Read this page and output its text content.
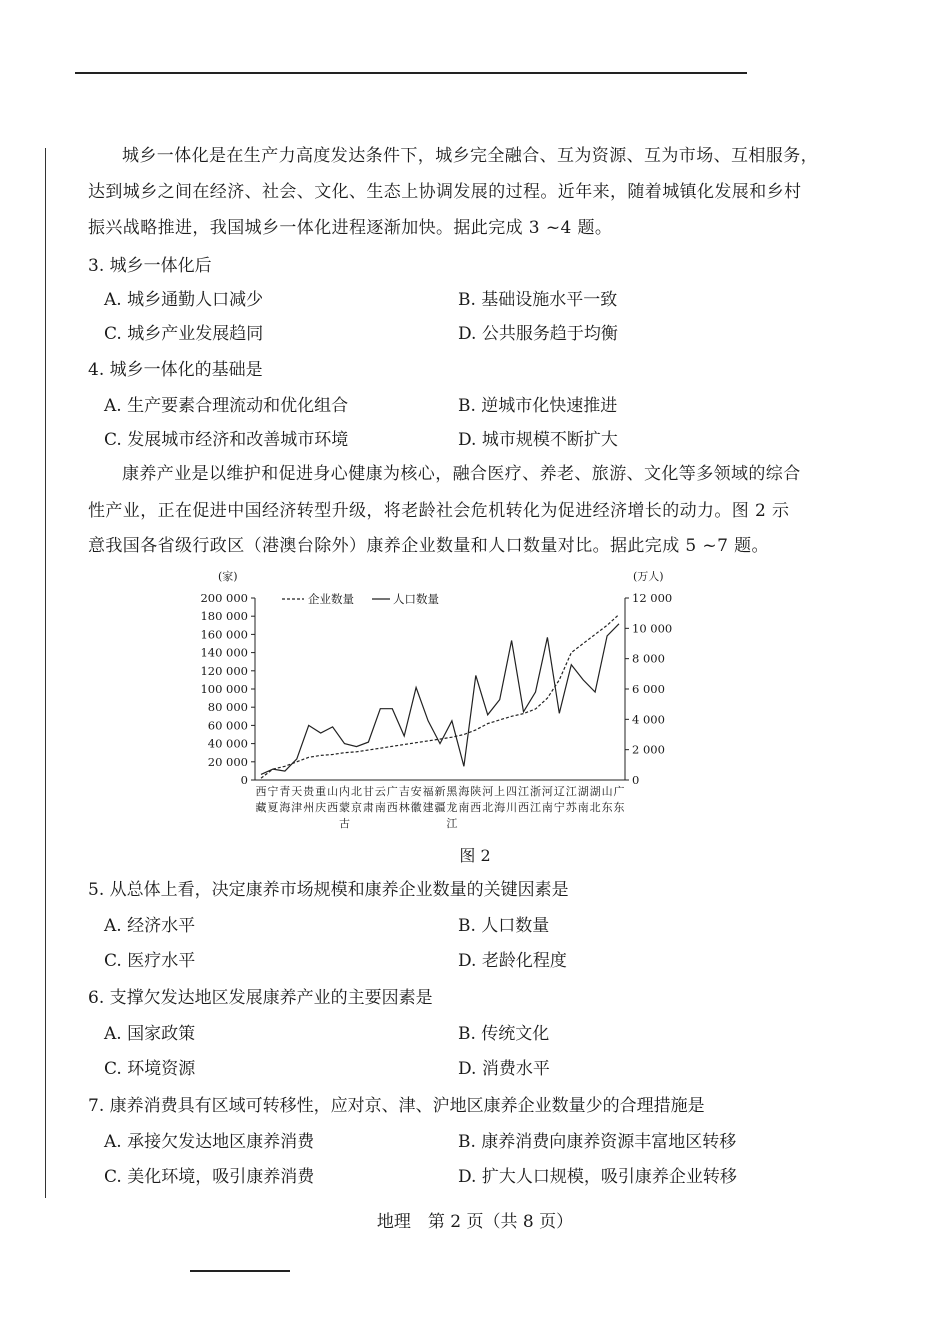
城乡一体化是在生产力高度发达条件下，城乡完全融合、互为资源、互为市场、互相服务，
达到城乡之间在经济、社会、文化、生态上协调发展的过程。近年来，随着城镇化发展和乡村
振兴战略推进，我国城乡一体化进程逐渐加快。据此完成 3 ~4 题。
3. 城乡一体化后
A. 城乡通勤人口减少	B. 基础设施水平一致
C. 城乡产业发展趋同	D. 公共服务趋于均衡
4. 城乡一体化的基础是
A. 生产要素合理流动和优化组合	B. 逆城市化快速推进
C. 发展城市经济和改善城市环境	D. 城市规模不断扩大
康养产业是以维护和促进身心健康为核心，融合医疗、养老、旅游、文化等多领域的综合
性产业，正在促进中国经济转型升级，将老龄社会危机转化为促进经济增长的动力。图 2 示
意我国各省级行政区（港澳台除外）康养企业数量和人口数量对比。据此完成 5 ~7 题。
(家)	(万人)
企业数量	人口数量
0
20 000
40 000
60 000
80 000
100 000
120 000
140 000
160 000
180 000
200 000
0
2 000
4 000
6 000
8 000
10 000
12 000
西
藏
宁
夏
青
海
天
津
贵
州
重
庆
山
西
内
蒙
古
北
京
甘
肃
云
南
广
西
吉
林
安
徽
福
建
新
疆
黑
龙
江
海
南
陕
西
河
北
上
海
四
川
江
西
浙
江
河
南
辽
宁
江
苏
湖
南
湖
北
山
东
广
东
图 2
5. 从总体上看，决定康养市场规模和康养企业数量的关键因素是
A. 经济水平	B. 人口数量
C. 医疗水平	D. 老龄化程度
6. 支撑欠发达地区发展康养产业的主要因素是
A. 国家政策	B. 传统文化
C. 环境资源	D. 消费水平
7. 康养消费具有区域可转移性，应对京、津、沪地区康养企业数量少的合理措施是
A. 承接欠发达地区康养消费	B. 康养消费向康养资源丰富地区转移
C. 美化环境，吸引康养消费	D. 扩大人口规模，吸引康养企业转移
地理　第 2 页（共 8 页）
